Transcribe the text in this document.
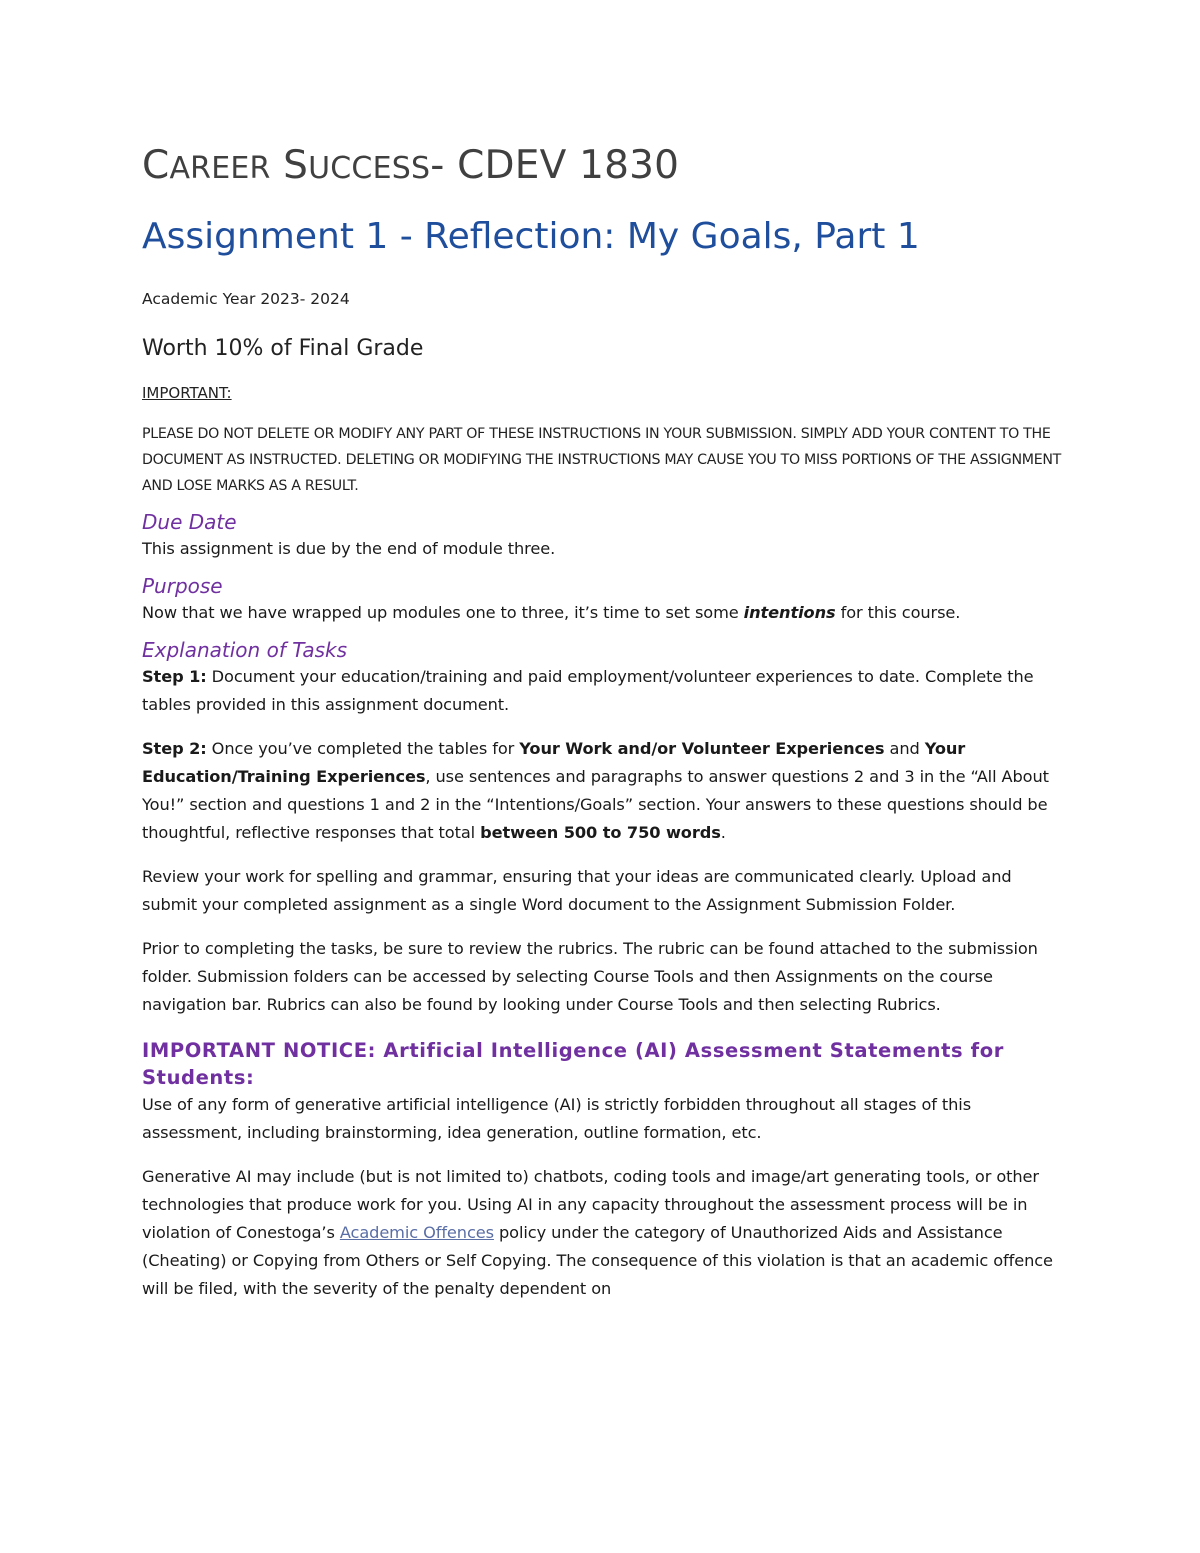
CAREER SUCCESS- CDEV 1830
Assignment 1 - Reflection: My Goals, Part 1

Academic Year 2023- 2024

Worth 10% of Final Grade

IMPORTANT:

PLEASE DO NOT DELETE OR MODIFY ANY PART OF THESE INSTRUCTIONS IN YOUR SUBMISSION. SIMPLY ADD YOUR CONTENT TO THE DOCUMENT AS INSTRUCTED. DELETING OR MODIFYING THE INSTRUCTIONS MAY CAUSE YOU TO MISS PORTIONS OF THE ASSIGNMENT AND LOSE MARKS AS A RESULT.

Due Date

This assignment is due by the end of module three.

Purpose

Now that we have wrapped up modules one to three, it’s time to set some intentions for this course.

Explanation of Tasks

Step 1: Document your education/training and paid employment/volunteer experiences to date. Complete the tables provided in this assignment document.

Step 2: Once you’ve completed the tables for Your Work and/or Volunteer Experiences and Your Education/Training Experiences, use sentences and paragraphs to answer questions 2 and 3 in the “All About You!” section and questions 1 and 2 in the “Intentions/Goals” section. Your answers to these questions should be thoughtful, reflective responses that total between 500 to 750 words.

Review your work for spelling and grammar, ensuring that your ideas are communicated clearly. Upload and submit your completed assignment as a single Word document to the Assignment Submission Folder.

Prior to completing the tasks, be sure to review the rubrics. The rubric can be found attached to the submission folder. Submission folders can be accessed by selecting Course Tools and then Assignments on the course navigation bar. Rubrics can also be found by looking under Course Tools and then selecting Rubrics.

IMPORTANT NOTICE: Artificial Intelligence (AI) Assessment Statements for Students:

Use of any form of generative artificial intelligence (AI) is strictly forbidden throughout all stages of this assessment, including brainstorming, idea generation, outline formation, etc.

Generative AI may include (but is not limited to) chatbots, coding tools and image/art generating tools, or other technologies that produce work for you. Using AI in any capacity throughout the assessment process will be in violation of Conestoga’s Academic Offences policy under the category of Unauthorized Aids and Assistance (Cheating) or Copying from Others or Self Copying. The consequence of this violation is that an academic offence will be filed, with the severity of the penalty dependent on
